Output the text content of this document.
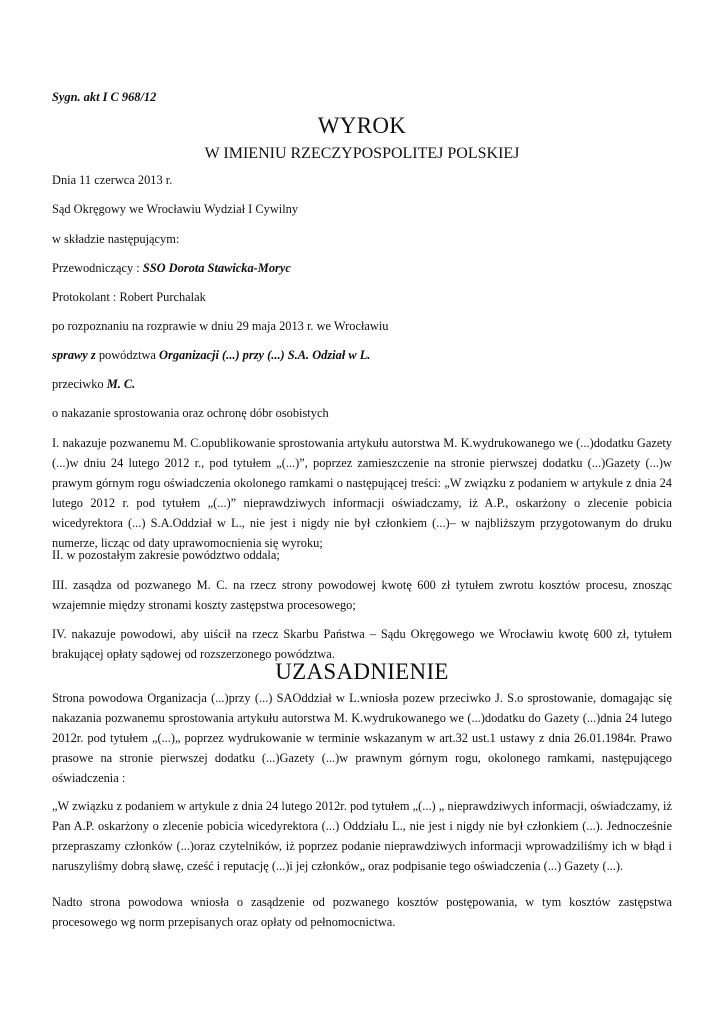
Sygn. akt I C 968/12
WYROK
W IMIENIU RZECZYPOSPOLITEJ POLSKIEJ

Dnia 11 czerwca 2013 r.

Sąd Okręgowy we Wrocławiu Wydział I Cywilny

w składzie następującym:

Przewodniczący : SSO Dorota Stawicka-Moryc

Protokolant : Robert Purchalak

po rozpoznaniu na rozprawie w dniu 29 maja 2013 r. we Wrocławiu

sprawy z powództwa Organizacji (...) przy (...) S.A. Odział w L.

przeciwko M. C.

o nakazanie sprostowania oraz ochronę dóbr osobistych

I. nakazuje pozwanemu M. C.opublikowanie sprostowania artykułu autorstwa M. K.wydrukowanego we (...)dodatku Gazety (...)w dniu 24 lutego 2012 r., pod tytułem „(...)”, poprzez zamieszczenie na stronie pierwszej dodatku (...)Gazety (...)w prawym górnym rogu oświadczenia okolonego ramkami o następującej treści: „W związku z podaniem w artykule z dnia 24 lutego 2012 r. pod tytułem „(...)” nieprawdziwych informacji oświadczamy, iż A.P., oskarżony o zlecenie pobicia wicedyrektora (...) S.A.Oddział w L., nie jest i nigdy nie był członkiem (...)– w najbliższym przygotowanym do druku numerze, licząc od daty uprawomocnienia się wyroku;

II. w pozostałym zakresie powództwo oddala;

III. zasądza od pozwanego M. C. na rzecz strony powodowej kwotę 600 zł tytułem zwrotu kosztów procesu, znosząc wzajemnie między stronami koszty zastępstwa procesowego;

IV. nakazuje powodowi, aby uiścił na rzecz Skarbu Państwa – Sądu Okręgowego we Wrocławiu kwotę 600 zł, tytułem brakującej opłaty sądowej od rozszerzonego powództwa.

UZASADNIENIE

Strona powodowa Organizacja (...)przy (...) SAOddział w L.wniosła pozew przeciwko J. S.o sprostowanie, domagając się nakazania pozwanemu sprostowania artykułu autorstwa M. K.wydrukowanego we (...)dodatku do Gazety (...)dnia 24 lutego 2012r. pod tytułem „(...)„ poprzez wydrukowanie w terminie wskazanym w art.32 ust.1 ustawy z dnia 26.01.1984r. Prawo prasowe na stronie pierwszej dodatku (...)Gazety (...)w prawnym górnym rogu, okolonego ramkami, następującego oświadczenia :

„W związku z podaniem w artykule z dnia 24 lutego 2012r. pod tytułem „(...) „ nieprawdziwych informacji, oświadczamy, iż Pan A.P. oskarżony o zlecenie pobicia wicedyrektora (...) Oddziału L., nie jest i nigdy nie był członkiem (...). Jednocześnie przepraszamy członków (...)oraz czytelników, iż poprzez podanie nieprawdziwych informacji wprowadziliśmy ich w błąd i naruszyliśmy dobrą sławę, cześć i reputację (...)i jej członków„ oraz podpisanie tego oświadczenia (...) Gazety (...).

Nadto strona powodowa wniosła o zasądzenie od pozwanego kosztów postępowania, w tym kosztów zastępstwa procesowego wg norm przepisanych oraz opłaty od pełnomocnictwa.
